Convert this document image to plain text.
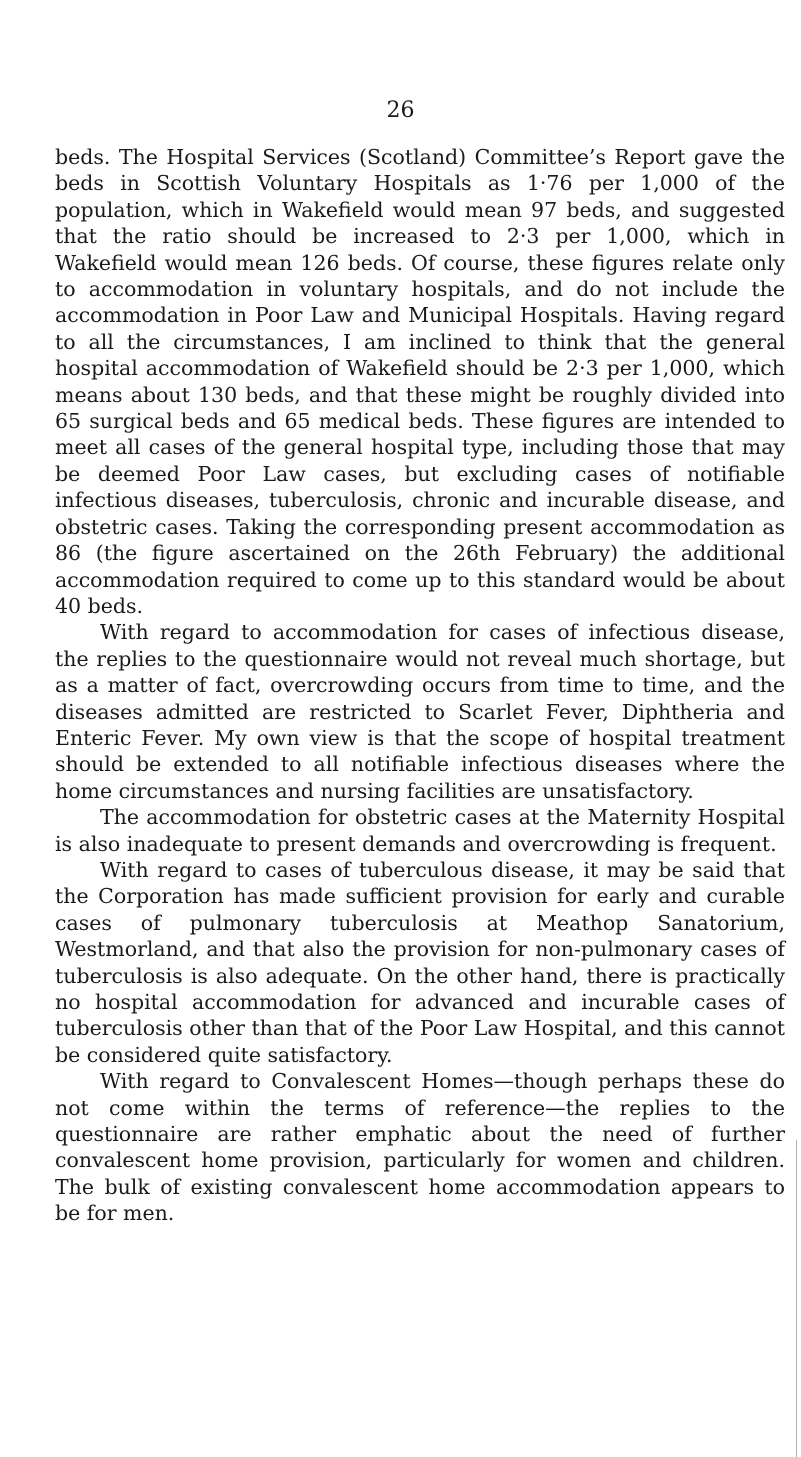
26

beds. The Hospital Services (Scotland) Committee’s Report gave the beds in Scottish Voluntary Hospitals as 1·76 per 1,000 of the population, which in Wakefield would mean 97 beds, and suggested that the ratio should be increased to 2·3 per 1,000, which in Wakefield would mean 126 beds. Of course, these figures relate only to accommodation in voluntary hospitals, and do not include the accommodation in Poor Law and Municipal Hospitals. Having regard to all the circumstances, I am inclined to think that the general hospital accommodation of Wakefield should be 2·3 per 1,000, which means about 130 beds, and that these might be roughly divided into 65 surgical beds and 65 medical beds. These figures are intended to meet all cases of the general hospital type, including those that may be deemed Poor Law cases, but excluding cases of notifiable infectious diseases, tuberculosis, chronic and incurable disease, and obstetric cases. Taking the corresponding present accommodation as 86 (the figure ascertained on the 26th February) the additional accommodation required to come up to this standard would be about 40 beds.

With regard to accommodation for cases of infectious disease, the replies to the questionnaire would not reveal much shortage, but as a matter of fact, overcrowding occurs from time to time, and the diseases admitted are restricted to Scarlet Fever, Diphtheria and Enteric Fever. My own view is that the scope of hospital treatment should be extended to all notifiable infectious diseases where the home circumstances and nursing facilities are unsatisfactory.

The accommodation for obstetric cases at the Maternity Hospital is also inadequate to present demands and overcrowding is frequent.

With regard to cases of tuberculous disease, it may be said that the Corporation has made sufficient provision for early and curable cases of pulmonary tuberculosis at Meathop Sanatorium, Westmorland, and that also the provision for non-pulmonary cases of tuberculosis is also adequate. On the other hand, there is practically no hospital accommodation for advanced and incurable cases of tuberculosis other than that of the Poor Law Hospital, and this cannot be considered quite satisfactory.

With regard to Convalescent Homes—though perhaps these do not come within the terms of reference—the replies to the questionnaire are rather emphatic about the need of further convalescent home provision, particularly for women and children. The bulk of existing convalescent home accommodation appears to be for men.
